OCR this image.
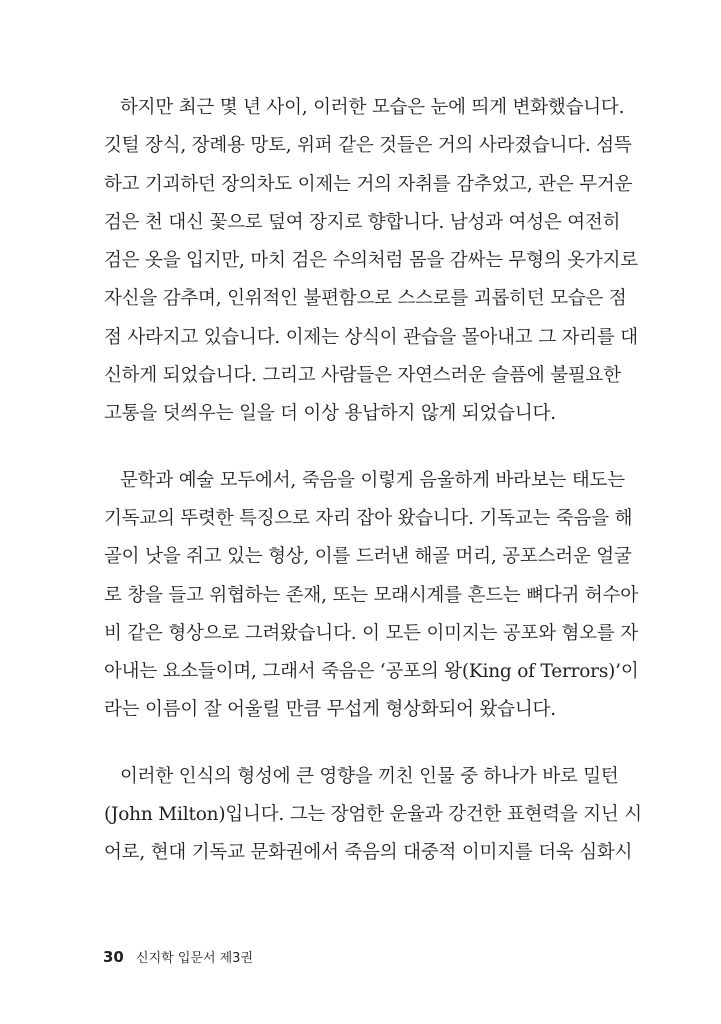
하지만 최근 몇 년 사이, 이러한 모습은 눈에 띄게 변화했습니다.
깃털 장식, 장례용 망토, 위퍼 같은 것들은 거의 사라졌습니다. 섬뜩
하고 기괴하던 장의차도 이제는 거의 자취를 감추었고, 관은 무거운
검은 천 대신 꽃으로 덮여 장지로 향합니다. 남성과 여성은 여전히
검은 옷을 입지만, 마치 검은 수의처럼 몸을 감싸는 무형의 옷가지로
자신을 감추며, 인위적인 불편함으로 스스로를 괴롭히던 모습은 점
점 사라지고 있습니다. 이제는 상식이 관습을 몰아내고 그 자리를 대
신하게 되었습니다. 그리고 사람들은 자연스러운 슬픔에 불필요한
고통을 덧씌우는 일을 더 이상 용납하지 않게 되었습니다.

문학과 예술 모두에서, 죽음을 이렇게 음울하게 바라보는 태도는
기독교의 뚜렷한 특징으로 자리 잡아 왔습니다. 기독교는 죽음을 해
골이 낫을 쥐고 있는 형상, 이를 드러낸 해골 머리, 공포스러운 얼굴
로 창을 들고 위협하는 존재, 또는 모래시계를 흔드는 뼈다귀 허수아
비 같은 형상으로 그려왔습니다. 이 모든 이미지는 공포와 혐오를 자
아내는 요소들이며, 그래서 죽음은 ‘공포의 왕(King of Terrors)’이
라는 이름이 잘 어울릴 만큼 무섭게 형상화되어 왔습니다.

이러한 인식의 형성에 큰 영향을 끼친 인물 중 하나가 바로 밀턴
(John Milton)입니다. 그는 장엄한 운율과 강건한 표현력을 지닌 시
어로, 현대 기독교 문화권에서 죽음의 대중적 이미지를 더욱 심화시

30 신지학 입문서 제3권
